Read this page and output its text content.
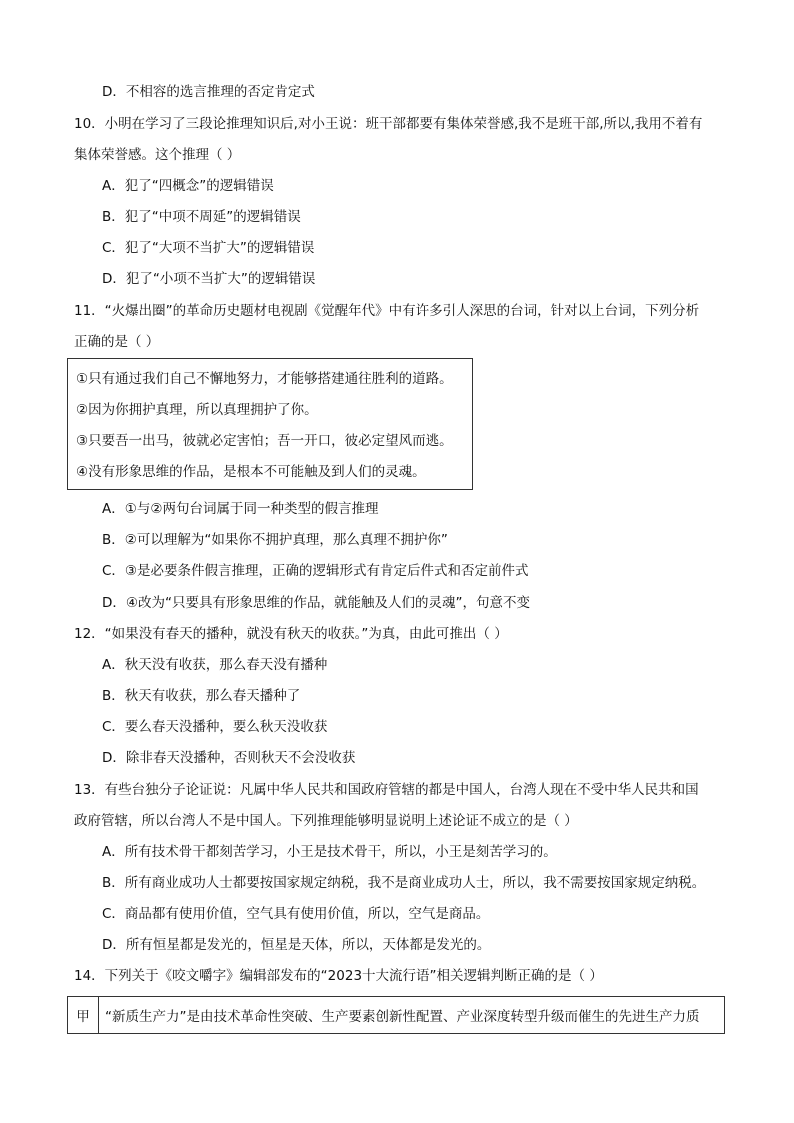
D．不相容的选言推理的否定肯定式
10．小明在学习了三段论推理知识后,对小王说：班干部都要有集体荣誉感,我不是班干部,所以,我用不着有
集体荣誉感。这个推理（ ）
A．犯了“四概念”的逻辑错误
B．犯了“中项不周延”的逻辑错误
C．犯了“大项不当扩大”的逻辑错误
D．犯了“小项不当扩大”的逻辑错误
11．“火爆出圈”的革命历史题材电视剧《觉醒年代》中有许多引人深思的台词，针对以上台词，下列分析
正确的是（ ）
①只有通过我们自己不懈地努力，才能够搭建通往胜利的道路。
②因为你拥护真理，所以真理拥护了你。
③只要吾一出马，彼就必定害怕；吾一开口，彼必定望风而逃。
④没有形象思维的作品，是根本不可能触及到人们的灵魂。
A．①与②两句台词属于同一种类型的假言推理
B．②可以理解为“如果你不拥护真理，那么真理不拥护你”
C．③是必要条件假言推理，正确的逻辑形式有肯定后件式和否定前件式
D．④改为“只要具有形象思维的作品，就能触及人们的灵魂”，句意不变
12．“如果没有春天的播种，就没有秋天的收获。”为真，由此可推出（ ）
A．秋天没有收获，那么春天没有播种
B．秋天有收获，那么春天播种了
C．要么春天没播种，要么秋天没收获
D．除非春天没播种，否则秋天不会没收获
13．有些台独分子论证说：凡属中华人民共和国政府管辖的都是中国人，台湾人现在不受中华人民共和国
政府管辖，所以台湾人不是中国人。下列推理能够明显说明上述论证不成立的是（ ）
A．所有技术骨干都刻苦学习，小王是技术骨干，所以，小王是刻苦学习的。
B．所有商业成功人士都要按国家规定纳税，我不是商业成功人士，所以，我不需要按国家规定纳税。
C．商品都有使用价值，空气具有使用价值，所以，空气是商品。
D．所有恒星都是发光的，恒星是天体，所以，天体都是发光的。
14．下列关于《咬文嚼字》编辑部发布的“2023十大流行语”相关逻辑判断正确的是（ ）
甲	“新质生产力”是由技术革命性突破、生产要素创新性配置、产业深度转型升级而催生的先进生产力质
